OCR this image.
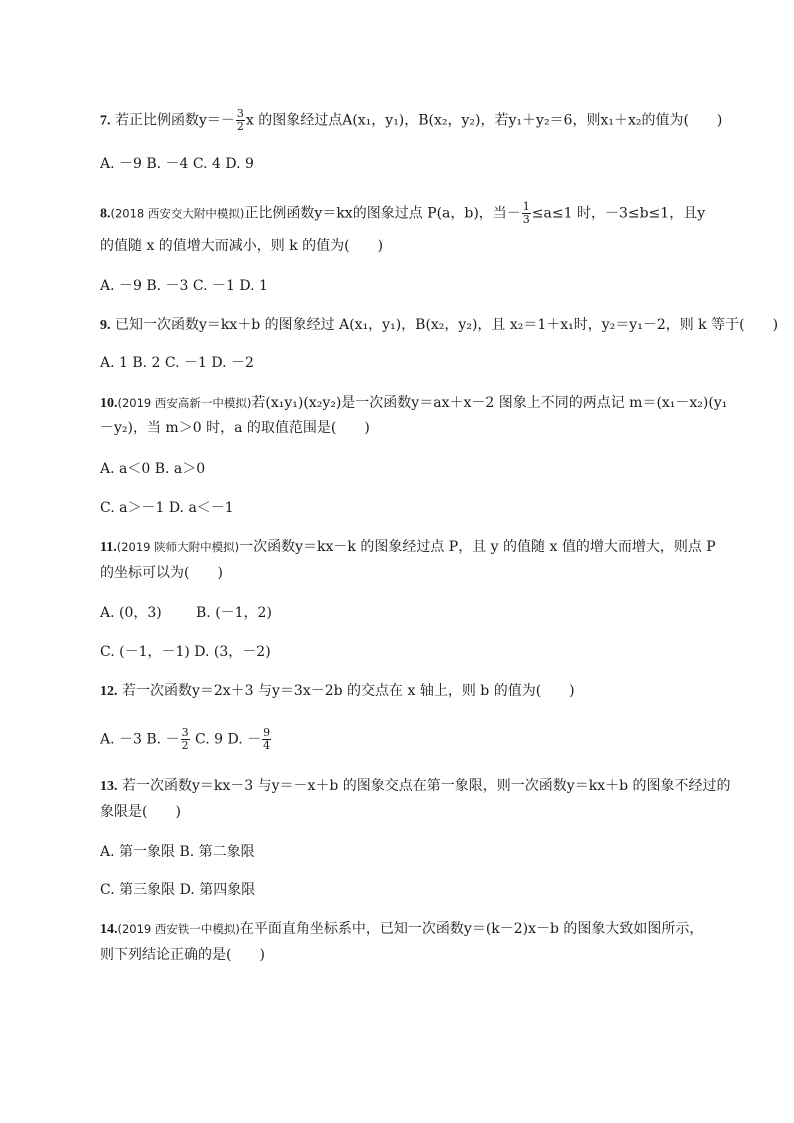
7. 若正比例函数$y=- \frac{3}{2}$ x 的图象经过点A(x₁，y₁)，B(x₂，y₂)，若y₁＋y₂＝6，则x₁＋x₂的值为(　　)
A. －9 B. －4 C. 4 D. 9
8.(2018 西安交大附中模拟)正比例函数y＝kx的图象过点 P(a，b)，当－ $\frac{1}{3} \le a\le 1$ 时，－3≤b≤1，且y
的值随 x 的值增大而减小，则 k 的值为(　　)
A. －9 B. －3 C. －1 D. 1
9. 已知一次函数y＝kx＋b 的图象经过 A(x₁，y₁)，B(x₂，y₂)，且 x₂＝1＋x₁时，y₂＝y₁－2，则 k 等于(　　)
A. 1 B. 2 C. －1 D. －2
10.(2019 西安高新一中模拟)若(x₁y₁)(x₂y₂)是一次函数y＝ax＋x－2 图象上不同的两点记 m＝(x₁－x₂)(y₁
－y₂)，当 m＞0 时，a 的取值范围是(　　)
A. a＜0 B. a＞0
C. a＞－1 D. a＜－1
11.(2019 陕师大附中模拟)一次函数y＝kx－k 的图象经过点 P，且 y 的值随 x 值的增大而增大，则点 P
的坐标可以为(　　)
A. (0，3) B. (－1，2)
C. (－1，－1) D. (3，－2)
12. 若一次函数y＝2x＋3 与y＝3x－2b 的交点在 x 轴上，则 b 的值为(　　)
A. －3 B. － $\frac{3}{2} C$. 9 D. － $\frac{9}{4}$
13. 若一次函数y＝kx－3 与y＝－x＋b 的图象交点在第一象限，则一次函数y＝kx＋b 的图象不经过的
象限是(　　)
A. 第一象限 B. 第二象限
C. 第三象限 D. 第四象限
14.(2019 西安铁一中模拟)在平面直角坐标系中，已知一次函数y＝(k－2)x－b 的图象大致如图所示，
则下列结论正确的是(　　)
